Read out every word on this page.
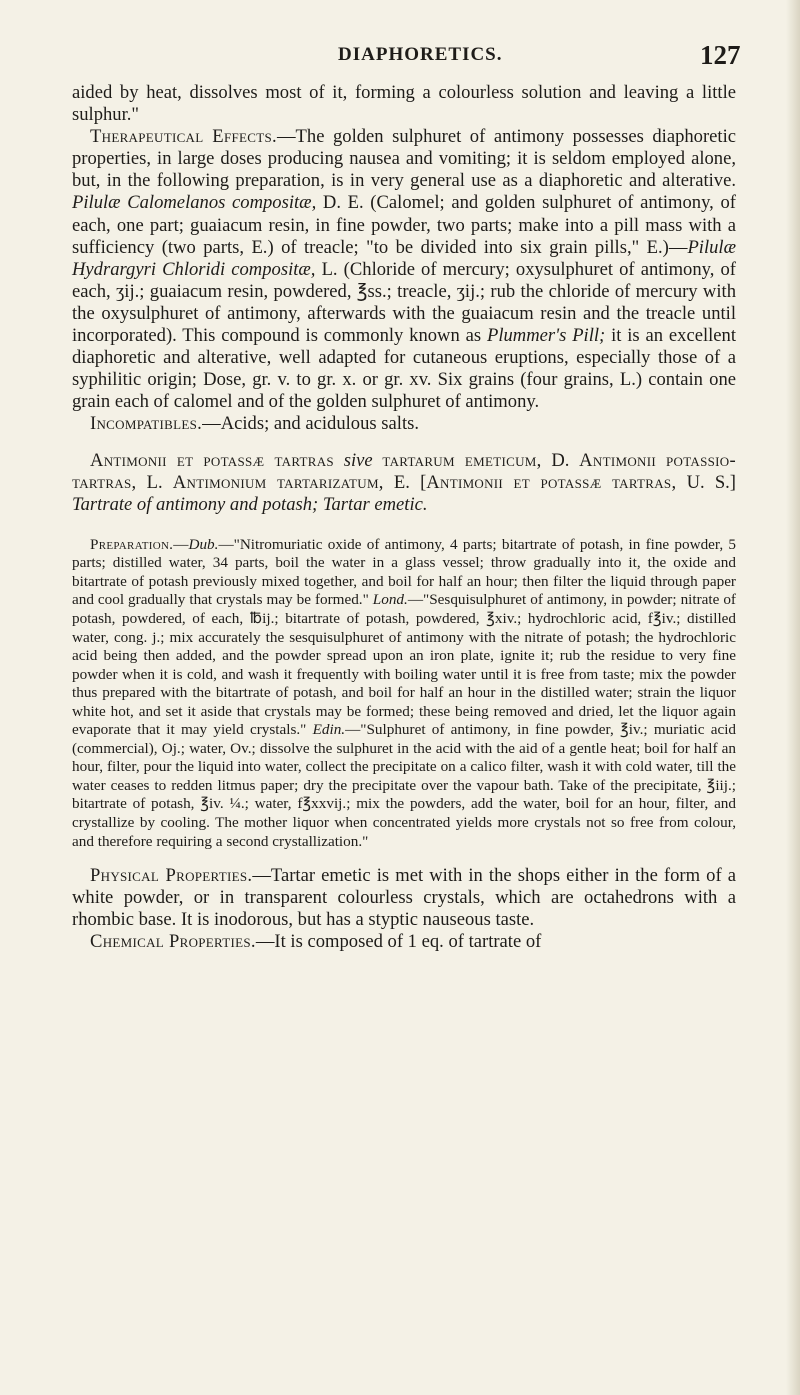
DIAPHORETICS.	127

aided by heat, dissolves most of it, forming a colourless solution and leaving a little sulphur."

Therapeutical Effects.—The golden sulphuret of antimony possesses diaphoretic properties, in large doses producing nausea and vomiting; it is seldom employed alone, but, in the following preparation, is in very general use as a diaphoretic and alterative. Pilulæ Calomelanos compositæ, D. E. (Calomel; and golden sulphuret of antimony, of each, one part; guaiacum resin, in fine powder, two parts; make into a pill mass with a sufficiency (two parts, E.) of treacle; "to be divided into six grain pills," E.)—Pilulæ Hydrargyri Chloridi compositæ, L. (Chloride of mercury; oxysulphuret of antimony, of each, ʒij.; guaiacum resin, powdered, ℥ss.; treacle, ʒij.; rub the chloride of mercury with the oxysulphuret of antimony, afterwards with the guaiacum resin and the treacle until incorporated). This compound is commonly known as Plummer's Pill; it is an excellent diaphoretic and alterative, well adapted for cutaneous eruptions, especially those of a syphilitic origin; Dose, gr. v. to gr. x. or gr. xv. Six grains (four grains, L.) contain one grain each of calomel and of the golden sulphuret of antimony.

Incompatibles.—Acids; and acidulous salts.

Antimonii et potassæ tartras sive tartarum emeticum, D. Antimonii potassio-tartras, L. Antimonium tartarizatum, E. [Antimonii et potassæ tartras, U. S.] Tartrate of antimony and potash; Tartar emetic.

Preparation.—Dub.—"Nitromuriatic oxide of antimony, 4 parts; bitartrate of potash, in fine powder, 5 parts; distilled water, 34 parts, boil the water in a glass vessel; throw gradually into it, the oxide and bitartrate of potash previously mixed together, and boil for half an hour; then filter the liquid through paper and cool gradually that crystals may be formed." Lond.—"Sesquisulphuret of antimony, in powder; nitrate of potash, powdered, of each, ℔ij.; bitartrate of potash, powdered, ℥xiv.; hydrochloric acid, f℥iv.; distilled water, cong. j.; mix accurately the sesquisulphuret of antimony with the nitrate of potash; the hydrochloric acid being then added, and the powder spread upon an iron plate, ignite it; rub the residue to very fine powder when it is cold, and wash it frequently with boiling water until it is free from taste; mix the powder thus prepared with the bitartrate of potash, and boil for half an hour in the distilled water; strain the liquor white hot, and set it aside that crystals may be formed; these being removed and dried, let the liquor again evaporate that it may yield crystals." Edin.—"Sulphuret of antimony, in fine powder, ℥iv.; muriatic acid (commercial), Oj.; water, Ov.; dissolve the sulphuret in the acid with the aid of a gentle heat; boil for half an hour, filter, pour the liquid into water, collect the precipitate on a calico filter, wash it with cold water, till the water ceases to redden litmus paper; dry the precipitate over the vapour bath. Take of the precipitate, ℥iij.; bitartrate of potash, ℥iv. ¼.; water, f℥xxvij.; mix the powders, add the water, boil for an hour, filter, and crystallize by cooling. The mother liquor when concentrated yields more crystals not so free from colour, and therefore requiring a second crystallization."

Physical Properties.—Tartar emetic is met with in the shops either in the form of a white powder, or in transparent colourless crystals, which are octahedrons with a rhombic base. It is inodorous, but has a styptic nauseous taste.

Chemical Properties.—It is composed of 1 eq. of tartrate of
